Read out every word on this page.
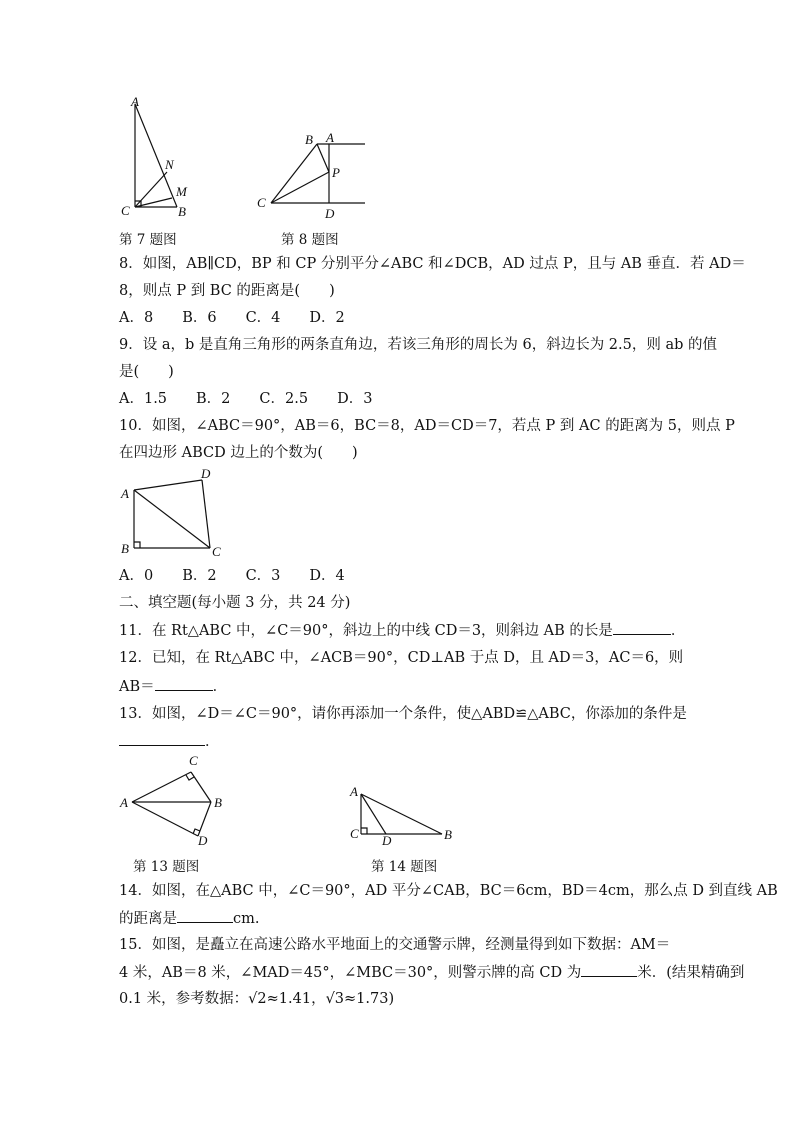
A
N
M
C	B
第 7 题图
B A
P
C
D
第 8 题图
8．如图，AB∥CD，BP 和 CP 分别平分∠ABC 和∠DCB，AD 过点 P，且与 AB 垂直．若 AD＝
8，则点 P 到 BC 的距离是(　　)
A．8　　B．6　　C．4　　D．2
9．设 a，b 是直角三角形的两条直角边，若该三角形的周长为 6，斜边长为 2.5，则 ab 的值
是(　　)
A．1.5　　B．2　　C．2.5　　D．3
10．如图，∠ABC＝90°，AB＝6，BC＝8，AD＝CD＝7，若点 P 到 AC 的距离为 5，则点 P
在四边形 ABCD 边上的个数为(　　)
A
D
B	C
A．0　　B．2　　C．3　　D．4
二、填空题(每小题 3 分，共 24 分)
11．在 Rt△ABC 中，∠C＝90°，斜边上的中线 CD＝3，则斜边 AB 的长是	．
12．已知，在 Rt△ABC 中，∠ACB＝90°，CD⊥AB 于点 D，且 AD＝3，AC＝6，则
AB＝	．
13．如图，∠D＝∠C＝90°，请你再添加一个条件，使△ABD≌△ABC，你添加的条件是
．
C
A	B
D
第 13 题图
A
C D	B
第 14 题图
14．如图，在△ABC 中，∠C＝90°，AD 平分∠CAB，BC＝6cm，BD＝4cm，那么点 D 到直线 AB
的距离是	cm.
15．如图，是矗立在高速公路水平地面上的交通警示牌，经测量得到如下数据：AM＝
4 米，AB＝8 米，∠MAD＝45°，∠MBC＝30°，则警示牌的高 CD 为	米．(结果精确到
0.1 米，参考数据：√2≈1.41，√3≈1.73)
